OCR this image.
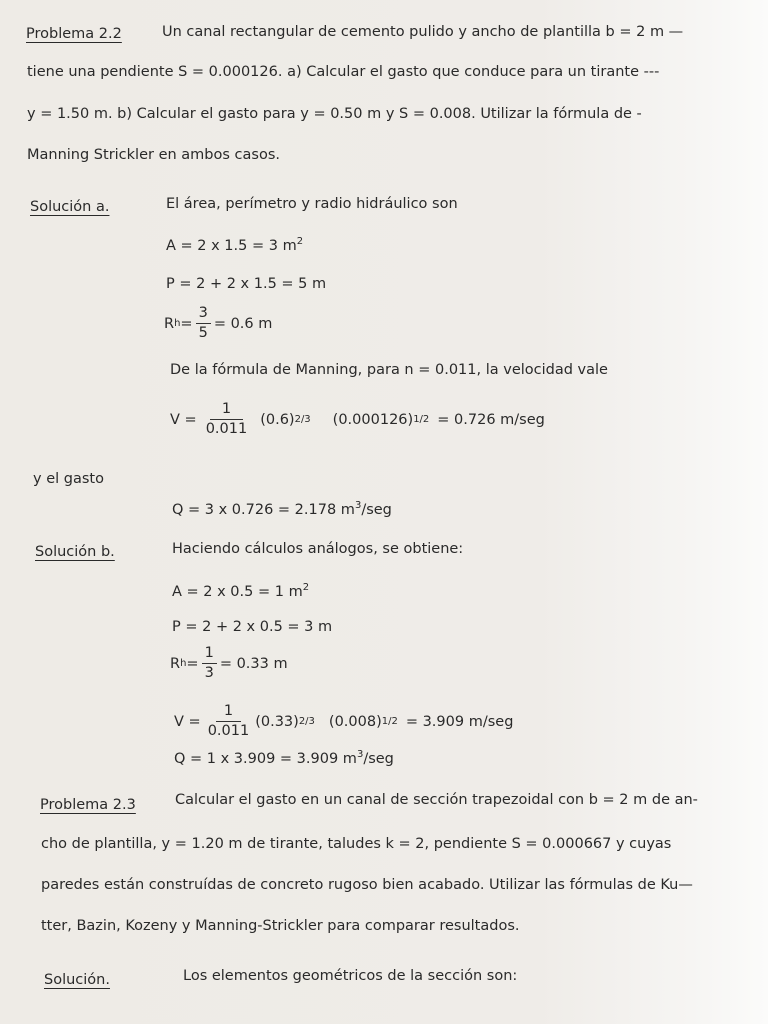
Problema 2.2	Un canal rectangular de cemento pulido y ancho de plantilla b = 2 m —
tiene una pendiente S = 0.000126. a) Calcular el gasto que conduce para un tirante ---
y = 1.50 m. b) Calcular el gasto para y = 0.50 m y S = 0.008. Utilizar la fórmula de -
Manning Strickler en ambos casos.
Solución a.	El área, perímetro y radio hidráulico son
A = 2 x 1.5 = 3 $m^2$
P = 2 + 2 x 1.5 = 5 m
R $h = \frac{3}{5} = 0.6$ m
De la fórmula de Manning, para n = 0.011, la velocidad vale
$V = \frac{1}{0.011} (0.6)$ 2/3 (0.000126) 1/2 = 0.726 m/seg
y el gasto
Q = 3 x 0.726 = 2.178 $m^3$/seg
Solución b.	Haciendo cálculos análogos, se obtiene:
A = 2 x 0.5 = 1 $m^2$
P = 2 + 2 x 0.5 = 3 m
R $h = \frac{1}{3} = 0.33$ m
$V = \frac{1}{0.011} (0.33)$ 2/3 (0.008) 1/2 = 3.909 m/seg
Q = 1 x 3.909 = 3.909 $m^3$/seg
Problema 2.3	Calcular el gasto en un canal de sección trapezoidal con b = 2 m de an-
cho de plantilla, y = 1.20 m de tirante, taludes k = 2, pendiente S = 0.000667 y cuyas
paredes están construídas de concreto rugoso bien acabado. Utilizar las fórmulas de Ku—
tter, Bazin, Kozeny y Manning-Strickler para comparar resultados.
Solución.	Los elementos geométricos de la sección son:
